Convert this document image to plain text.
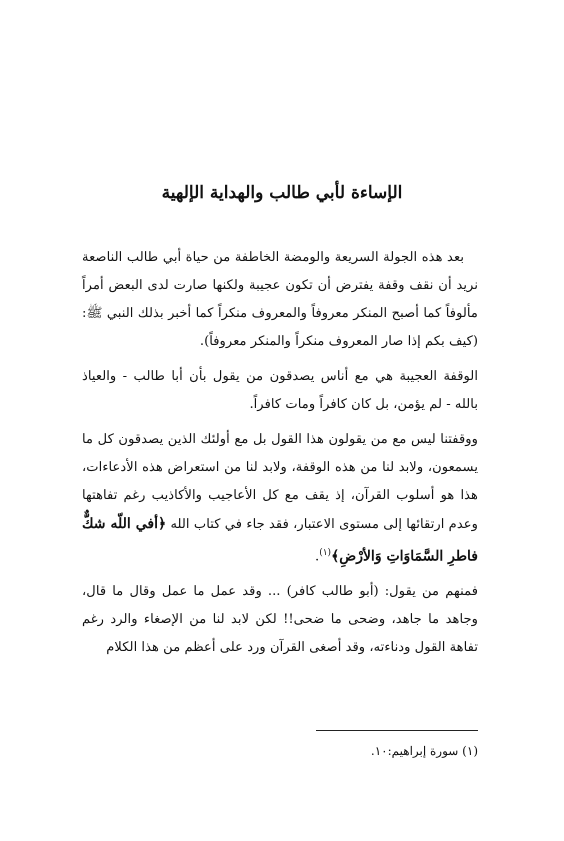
الإساءة لأبي طالب والهداية الإلهية

بعد هذه الجولة السريعة والومضة الخاطفة من حياة أبي طالب الناصعة نريد أن نقف وقفة يفترض أن تكون عجيبة ولكنها صارت لدى البعض أمراً مألوفاً كما أصبح المنكر معروفاً والمعروف منكراً كما أخبر بذلك النبي ﷺ: (كيف بكم إذا صار المعروف منكراً والمنكر معروفاً).

الوقفة العجيبة هي مع أناس يصدقون من يقول بأن أبا طالب - والعياذ بالله - لم يؤمن، بل كان كافراً ومات كافراً.

ووقفتنا ليس مع من يقولون هذا القول بل مع أولئك الذين يصدقون كل ما يسمعون، ولابد لنا من هذه الوقفة، ولابد لنا من استعراض هذه الأدعاءات، هذا هو أسلوب القرآن، إذ يقف مع كل الأعاجيب والأكاذيب رغم تفاهتها وعدم ارتقائها إلى مستوى الاعتبار، فقد جاء في كتاب الله ﴿أفي اللّه شكٌّ فاطرِ السَّمَاوَاتِ وَالأرْضِ﴾$^{(١)}$.

فمنهم من يقول: (أبو طالب كافر) ... وقد عمل ما عمل وقال ما قال، وجاهد ما جاهد، وضحى ما ضحى!! لكن لابد لنا من الإصغاء والرد رغم تفاهة القول ودناءته، وقد أصغى القرآن ورد على أعظم من هذا الكلام

(١) سورة إبراهيم:١٠.
